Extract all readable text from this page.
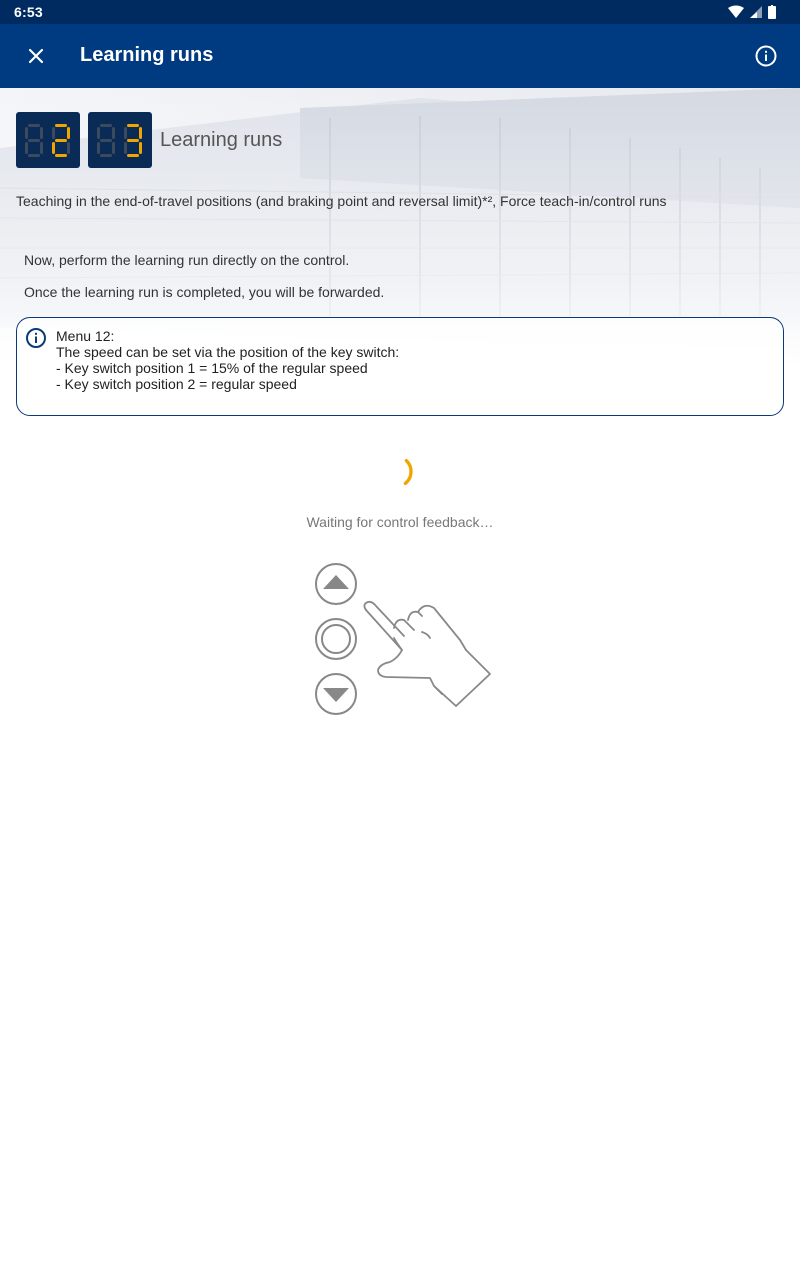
6:53
Learning runs
Learning runs

Teaching in the end-of-travel positions (and braking point and reversal limit)*², Force teach-in/control runs

Now, perform the learning run directly on the control.

Once the learning run is completed, you will be forwarded.

Menu 12:
The speed can be set via the position of the key switch:
- Key switch position 1 = 15% of the regular speed
- Key switch position 2 = regular speed

Waiting for control feedback…
